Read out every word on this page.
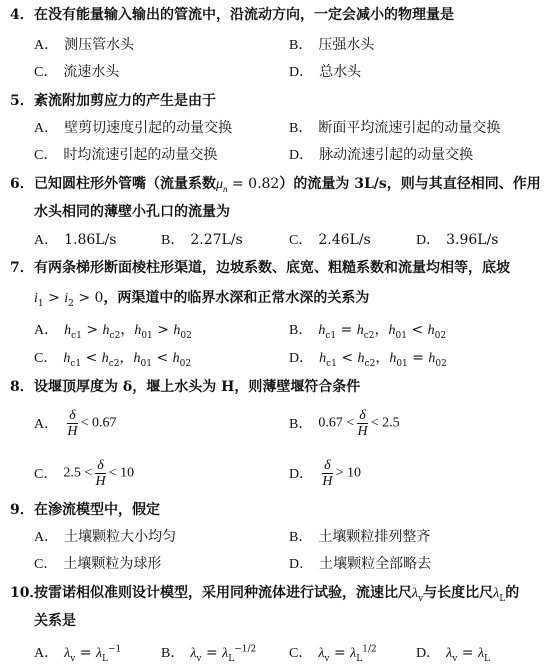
4．在没有能量输入输出的管流中，沿流动方向，一定会减小的物理量是
A． 测压管水头	B． 压强水头
C． 流速水头	D． 总水头
5．紊流附加剪应力的产生是由于
A． 壁剪切速度引起的动量交换	B． 断面平均流速引起的动量交换
C． 时均流速引起的动量交换	D． 脉动流速引起的动量交换
6．已知圆柱形外管嘴（流量系数$\mu_n = 0.82$）的流量为 3L/s，则与其直径相同、作用
水头相同的薄壁小孔口的流量为
A． 1.86L/s	B． 2.27L/s	C． 2.46L/s	D． 3.96L/s
7．有两条梯形断面棱柱形渠道，边坡系数、底宽、粗糙系数和流量均相等，底坡
$i_1 > i_2 > 0$，两渠道中的临界水深和正常水深的关系为
A． $h_{c1} > h_{c2}$，$h_{01} > h_{02}$	B． $h_{c1} = h_{c2}$，$h_{01} < h_{02}$
C． $h_{c1} < h_{c2}$，$h_{01} < h_{02}$	D． $h_{c1} < h_{c2}$，$h_{01} = h_{02}$
8．设堰顶厚度为 δ，堰上水头为 H，则薄壁堰符合条件
A． $\frac{\delta}{H} < 0.67$	B． $0.67 < \frac{\delta}{H} < 2.5$
C． $2.5 < \frac{\delta}{H} < 10$	D． $\frac{\delta}{H} > 10$
9．在渗流模型中，假定
A． 土壤颗粒大小均匀	B． 土壤颗粒排列整齐
C． 土壤颗粒为球形	D． 土壤颗粒全部略去
10．按雷诺相似准则设计模型，采用同种流体进行试验，流速比尺$\lambda_v$与长度比尺$\lambda_L$的
关系是
A． $\lambda_v = \lambda_L^{-1}$	B． $\lambda_v = \lambda_L^{-1/2}$ C． $\lambda_v = \lambda_L^{1/2}$	D． $\lambda_v = \lambda_L$
